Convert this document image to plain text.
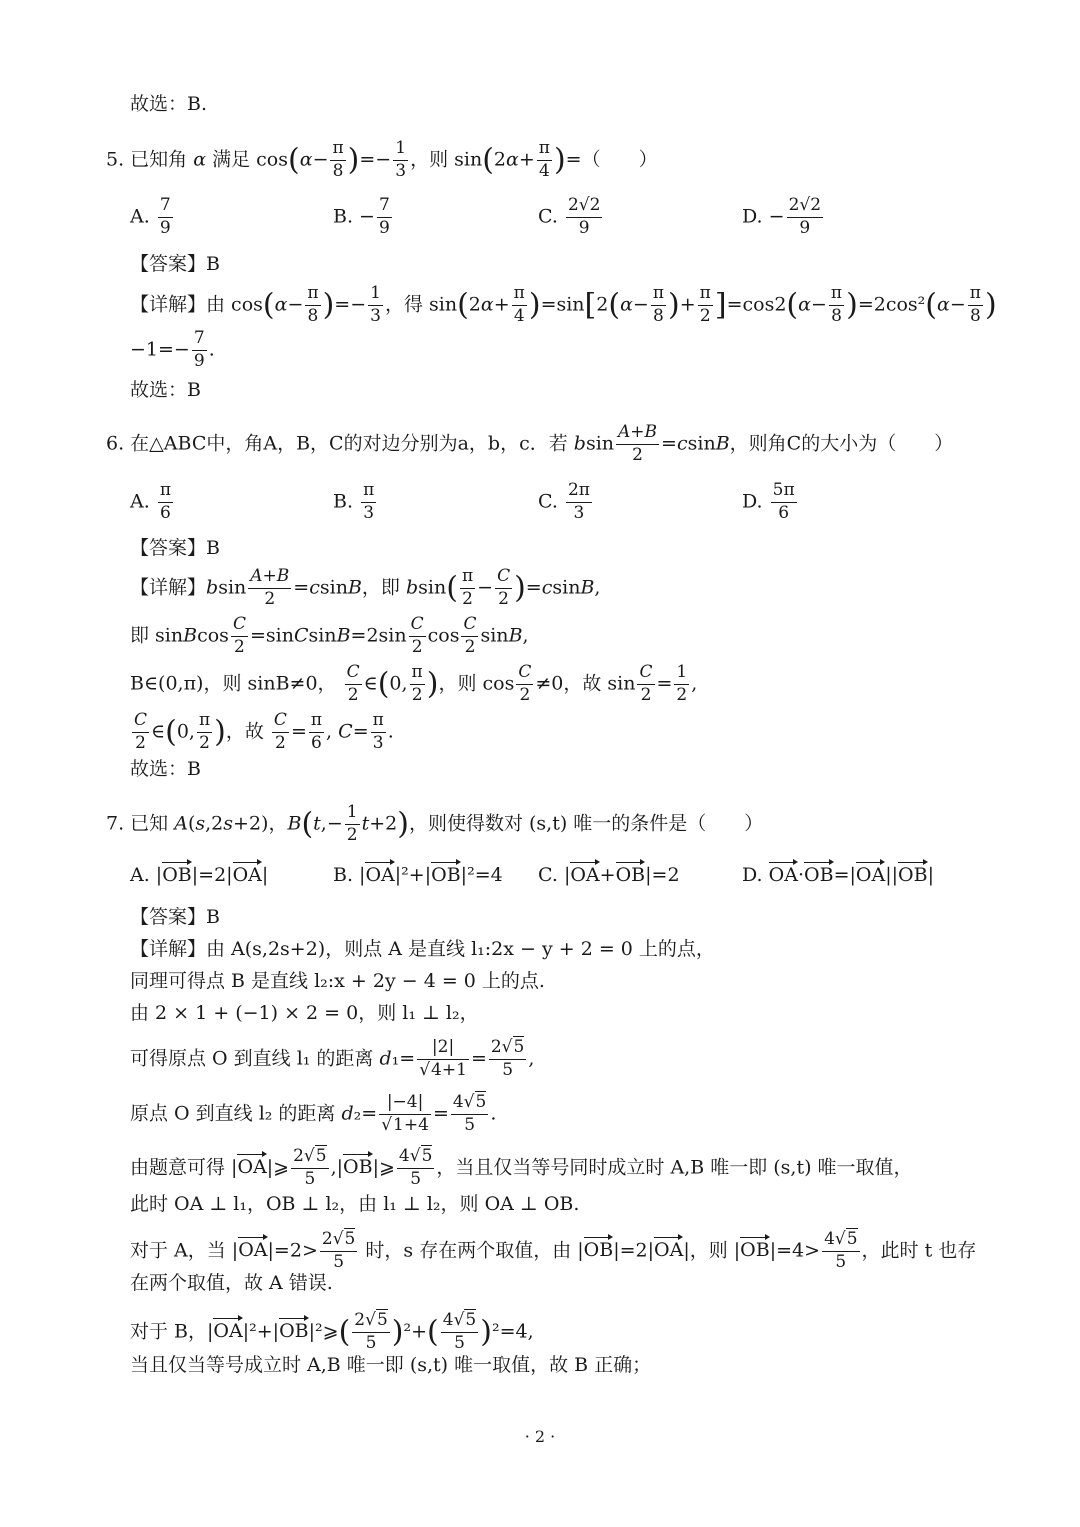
故选：B.
5. 已知角 α 满足 $\cos(\alpha- \frac{\pi}{8}$ )=− $\frac{1}{3}$ ，则 $\sin(2\alpha+ \frac{\pi}{4}$ )=（　　）
A. $\frac{7}{9}$	B. − $\frac{7}{9}$	C. $\frac{2√2}{9}$	D. − $\frac{2√2}{9}$
【答案】B
【详解】由 $\cos(\alpha- \frac{\pi}{8}$ )=− $\frac{1}{3}$ ，得 $\sin(2\alpha+ \frac{\pi}{4} )=\sin[2(\alpha- \frac{\pi}{8}$ )+ $\frac{\pi}{2} ]=\cos 2(\alpha- \frac{\pi}{8} )=2\cos^2(\alpha- \frac{\pi}{8}$ )
$-1=- \frac{7}{9}$ .
故选：B
6. 在△ABC中，角A，B，C的对边分别为a，b，c．若 bsin $\frac{A+B}{2} =csinB$，则角C的大小为（　　）
A. $\frac{\pi}{6}$	B. $\frac{\pi}{3}$	C. $\frac{2\pi}{3}$	D. $\frac{5\pi}{6}$
【答案】B
【详解】bsin $\frac{A+B}{2} =csinB$，即 $bsin( \frac{\pi}{2} - \frac{C}{2} )=csinB$,
即 sinBcos $\frac{C}{2}$ =sinCsinB=2sin $\frac{C}{2}$ $\cos \frac{C}{2} \sin B$,
B∈(0,π)，则 sinB≠0， $\frac{C}{2}$ ∈(0, $\frac{\pi}{2}$ )，则 $\cos \frac{C}{2} \ne 0$，故 $\sin \frac{C}{2} = \frac{1}{2}$ ,
$\frac{C}{2}$ ∈(0, $\frac{\pi}{2}$ )，故 $\frac{C}{2} = \frac{\pi}{6}$ , $C= \frac{\pi}{3}$ .
故选：B
7. 已知 A(s,2s+2)，$B(t,- \frac{1}{2} t+2)$，则使得数对 (s,t) 唯一的条件是（　　）
A. |OB|=2|OA|	B. |OA|²+|OB|²=4 C. |OA+OB|=2	D. OA·OB=|OA||OB|
【答案】B
【详解】由 A(s,2s+2)，则点 A 是直线 l₁:2x − y + 2 = 0 上的点，
同理可得点 B 是直线 l₂:x + 2y − 4 = 0 上的点.
由 2 × 1 + (−1) × 2 = 0，则 l₁ ⊥ l₂，
可得原点 O 到直线 l₁ 的距离 $d_1= \frac{|2|}{√4+1} = \frac{2√5}{5}$ ,
原点 O 到直线 l₂ 的距离 $d_2= \frac{|-4|}{√1+4} = \frac{4√5}{5}$ .
由题意可得 |OA|⩾ $\frac{2√5}{5}$ ,|OB|⩾ $\frac{4√5}{5}$ ，当且仅当等号同时成立时 A,B 唯一即 (s,t) 唯一取值，
此时 OA ⊥ l₁，OB ⊥ l₂，由 l₁ ⊥ l₂，则 OA ⊥ OB.
对于 A，当 $|OA|=2> \frac{2√5}{5}$ 时，s 存在两个取值，由 |OB|=2|OA|，则 $|OB|=4> \frac{4√5}{5}$ ，此时 t 也存
在两个取值，故 A 错误.
对于 B，|OA|²+|OB|²⩾( $\frac{2√5}{5} )^2+( \frac{4√5}{5} )^2=4$,
当且仅当等号成立时 A,B 唯一即 (s,t) 唯一取值，故 B 正确；
· 2 ·
